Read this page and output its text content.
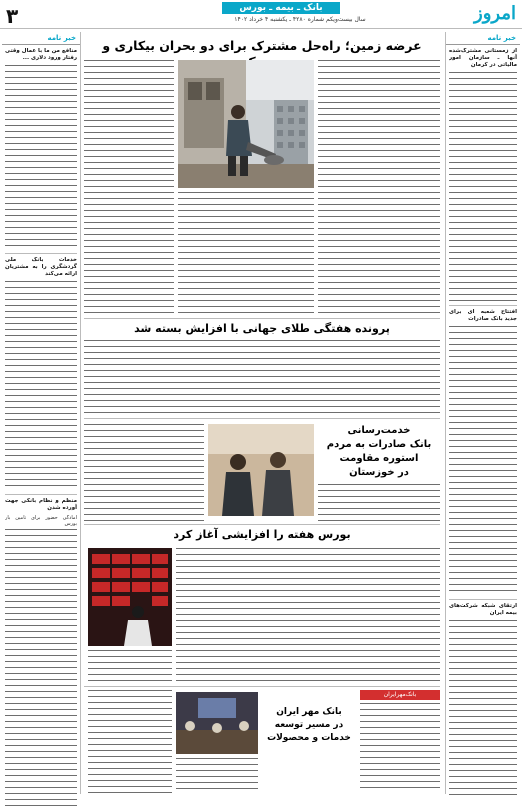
امروز
بانک ـ بیمه ـ بورس
سال بیست‌ویکم شماره ۴۲۸۰ ـ یکشنبه ۴ خرداد ۱۴۰۲
۳
خبر نامه
از زمستانی مشترک‌شده آنها ـ سازمان امور مالیاتی در کرمان
افتتاح شعبه ای برای جدید بانک صادرات
ارتقای شبکه شرکت‌های بیمه ایران
خبر نامه
منافع من ما با عمال وقتی رفتار ورود دلاری ...
خدمات بانک ملی گردشگری را به مشتریان ارائه می‌کند
منظم و نظام بانکی جهت آورده شدن
آمادگی حضور برای تامین بار بورس
عرضه زمین؛ راه‌حل مشترک برای دو بحران بیکاری و
پرونده هفتگی طلای جهانی با افزایش بسته شد
خدمت‌رسانی
بانک صادرات به مردم
استوره مقاومت
در خوزستان
بورس هفته را افزایشی آغاز کرد
بانک‌مهرایران
بانک مهر ایران
در مسیر توسعه
خدمات و محصولات
